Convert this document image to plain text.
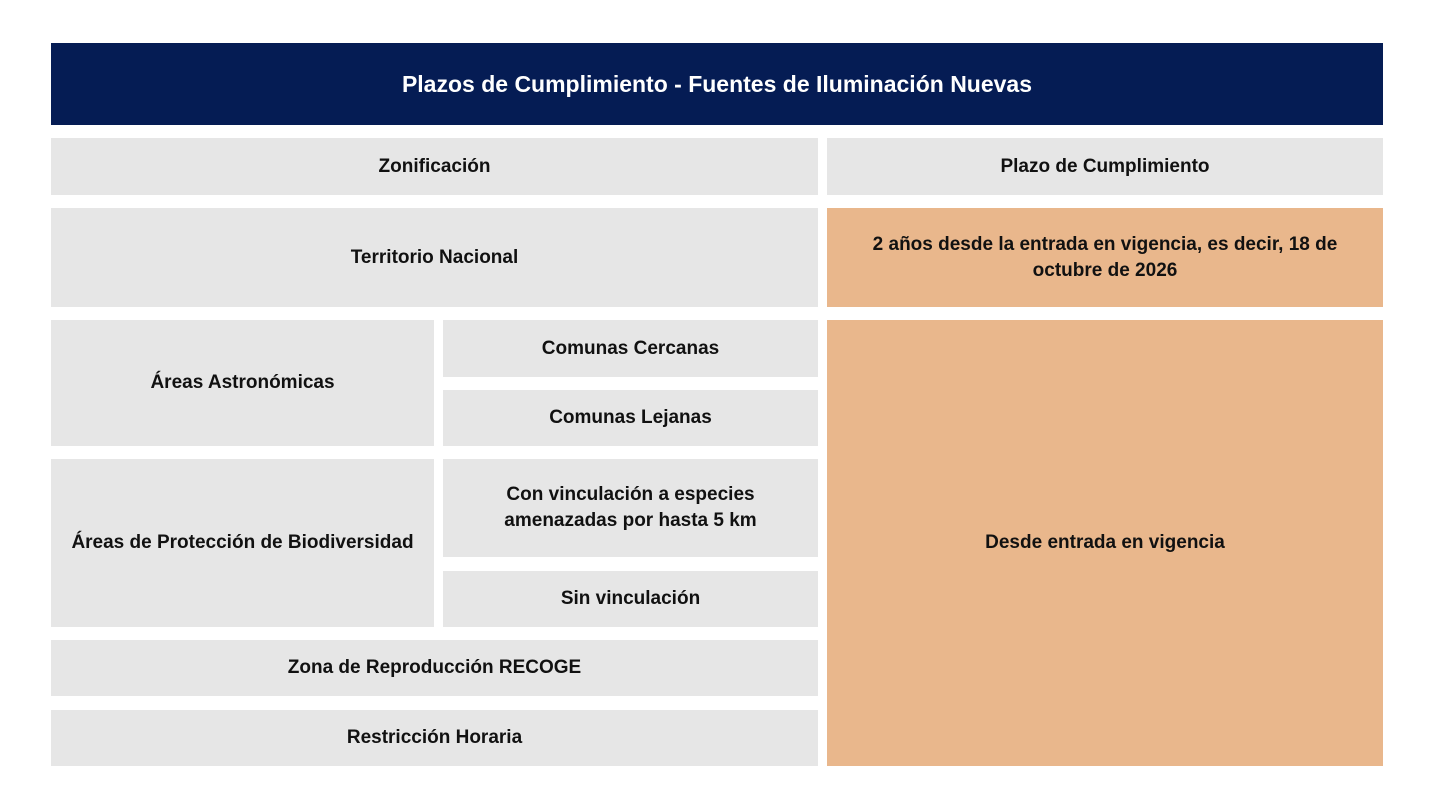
Plazos de Cumplimiento - Fuentes de Iluminación Nuevas
Zonificación	Plazo de Cumplimiento
Territorio Nacional
2 años desde la entrada en vigencia, es decir, 18 de octubre de 2026
Áreas Astronómicas
Comunas Cercanas
Comunas Lejanas
Áreas de Protección de Biodiversidad
Con vinculación a especies amenazadas por hasta 5 km
Sin vinculación
Zona de Reproducción RECOGE
Restricción Horaria
Desde entrada en vigencia
